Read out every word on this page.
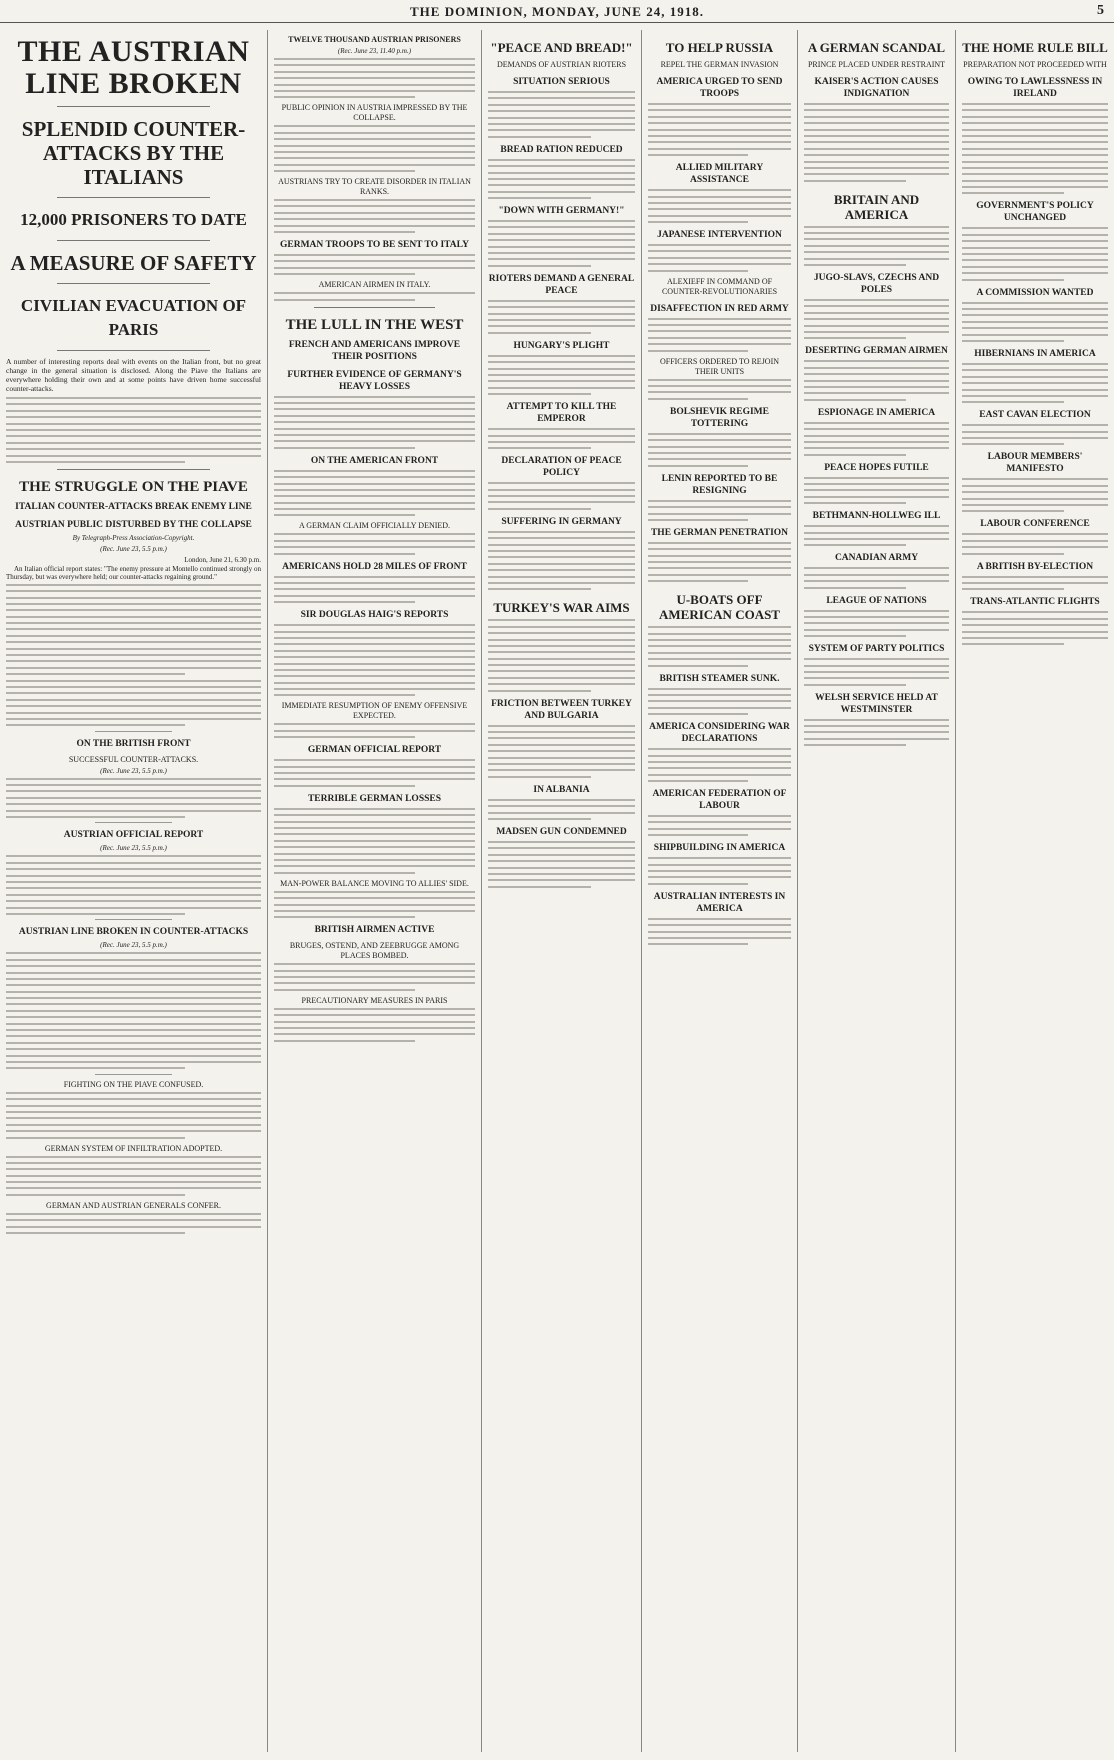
THE DOMINION, MONDAY, JUNE 24, 1918.	5
THE AUSTRIAN LINE BROKEN
SPLENDID COUNTER-ATTACKS BY THE ITALIANS
12,000 PRISONERS TO DATE
A MEASURE OF SAFETY
CIVILIAN EVACUATION OF PARIS
A number of interesting reports deal with events on the Italian front, but no great change in the general situation is disclosed. Along the Piave the Italians are everywhere holding their own and at some points have driven home successful counter-attacks.
THE STRUGGLE ON THE PIAVE
ITALIAN COUNTER-ATTACKS BREAK ENEMY LINE
AUSTRIAN PUBLIC DISTURBED BY THE COLLAPSE
By Telegraph-Press Association-Copyright.
(Rec. June 23, 5.5 p.m.)
London, June 21, 6.30 p.m.
An Italian official report states: "The enemy pressure at Montello continued strongly on Thursday, but was everywhere held; our counter-attacks regaining ground."
ON THE BRITISH FRONT
SUCCESSFUL COUNTER-ATTACKS.
(Rec. June 23, 5.5 p.m.)
AUSTRIAN OFFICIAL REPORT
(Rec. June 23, 5.5 p.m.)
AUSTRIAN LINE BROKEN IN COUNTER-ATTACKS
(Rec. June 23, 5.5 p.m.)
FIGHTING ON THE PIAVE CONFUSED.
GERMAN SYSTEM OF INFILTRATION ADOPTED.
GERMAN AND AUSTRIAN GENERALS CONFER.
TWELVE THOUSAND AUSTRIAN PRISONERS
(Rec. June 23, 11.40 p.m.)
PUBLIC OPINION IN AUSTRIA IMPRESSED BY THE COLLAPSE.
AUSTRIANS TRY TO CREATE DISORDER IN ITALIAN RANKS.
GERMAN TROOPS TO BE SENT TO ITALY
AMERICAN AIRMEN IN ITALY.
THE LULL IN THE WEST
FRENCH AND AMERICANS IMPROVE THEIR POSITIONS
FURTHER EVIDENCE OF GERMANY'S HEAVY LOSSES
ON THE AMERICAN FRONT
A GERMAN CLAIM OFFICIALLY DENIED.
AMERICANS HOLD 28 MILES OF FRONT
SIR DOUGLAS HAIG'S REPORTS
IMMEDIATE RESUMPTION OF ENEMY OFFENSIVE EXPECTED.
GERMAN OFFICIAL REPORT
TERRIBLE GERMAN LOSSES
MAN-POWER BALANCE MOVING TO ALLIES' SIDE.
BRITISH AIRMEN ACTIVE
BRUGES, OSTEND, AND ZEEBRUGGE AMONG PLACES BOMBED.
PRECAUTIONARY MEASURES IN PARIS
"PEACE AND BREAD!"
DEMANDS OF AUSTRIAN RIOTERS
SITUATION SERIOUS
BREAD RATION REDUCED
"DOWN WITH GERMANY!"
RIOTERS DEMAND A GENERAL PEACE
HUNGARY'S PLIGHT
ATTEMPT TO KILL THE EMPEROR
DECLARATION OF PEACE POLICY
SUFFERING IN GERMANY
TURKEY'S WAR AIMS
FRICTION BETWEEN TURKEY AND BULGARIA
IN ALBANIA
MADSEN GUN CONDEMNED
TO HELP RUSSIA
REPEL THE GERMAN INVASION
AMERICA URGED TO SEND TROOPS
ALLIED MILITARY ASSISTANCE
JAPANESE INTERVENTION
ALEXIEFF IN COMMAND OF COUNTER-REVOLUTIONARIES
DISAFFECTION IN RED ARMY
OFFICERS ORDERED TO REJOIN THEIR UNITS
BOLSHEVIK REGIME TOTTERING
LENIN REPORTED TO BE RESIGNING
THE GERMAN PENETRATION
U-BOATS OFF AMERICAN COAST
BRITISH STEAMER SUNK.
AMERICA CONSIDERING WAR DECLARATIONS
AMERICAN FEDERATION OF LABOUR
SHIPBUILDING IN AMERICA
AUSTRALIAN INTERESTS IN AMERICA
A GERMAN SCANDAL
PRINCE PLACED UNDER RESTRAINT
KAISER'S ACTION CAUSES INDIGNATION
BRITAIN AND AMERICA
JUGO-SLAVS, CZECHS AND POLES
DESERTING GERMAN AIRMEN
ESPIONAGE IN AMERICA
PEACE HOPES FUTILE
BETHMANN-HOLLWEG ILL
CANADIAN ARMY
LEAGUE OF NATIONS
SYSTEM OF PARTY POLITICS
WELSH SERVICE HELD AT WESTMINSTER
THE HOME RULE BILL
PREPARATION NOT PROCEEDED WITH
OWING TO LAWLESSNESS IN IRELAND
GOVERNMENT'S POLICY UNCHANGED
A COMMISSION WANTED
HIBERNIANS IN AMERICA
EAST CAVAN ELECTION
LABOUR MEMBERS' MANIFESTO
LABOUR CONFERENCE
A BRITISH BY-ELECTION
TRANS-ATLANTIC FLIGHTS
